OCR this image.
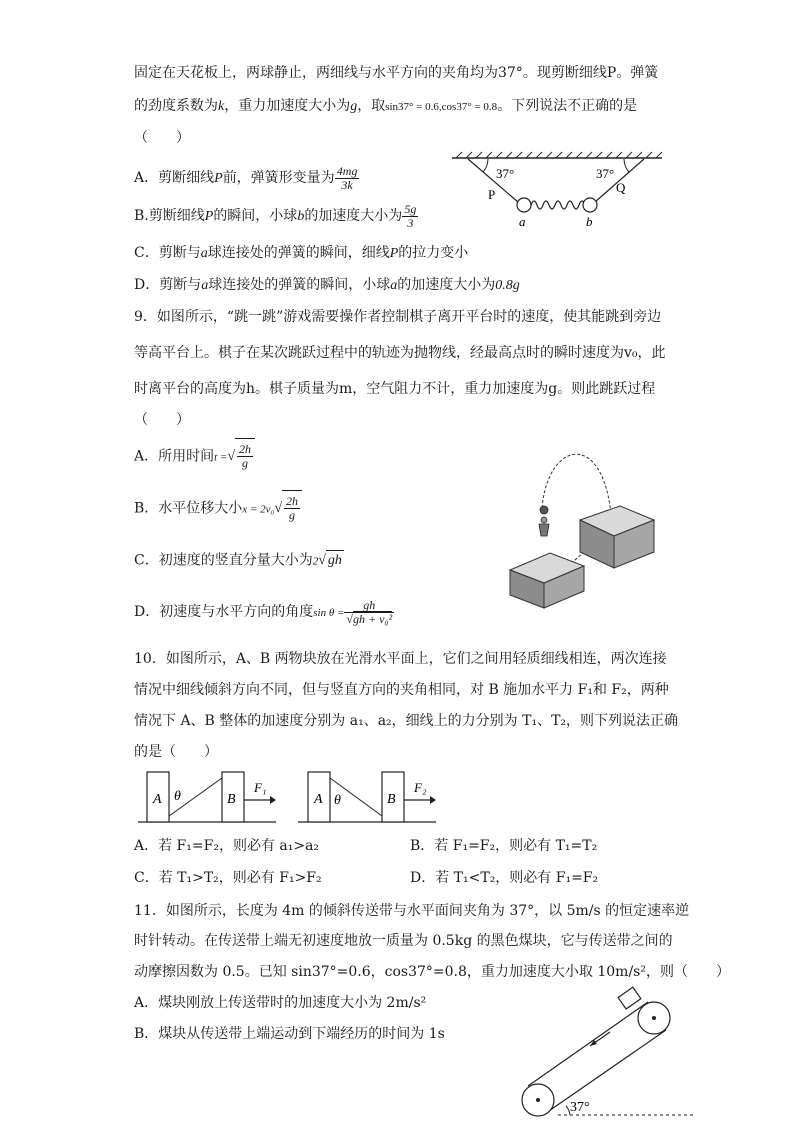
固定在天花板上，两球静止，两细线与水平方向的夹角均为37°。现剪断细线P。弹簧
的劲度系数为k，重力加速度大小为g，取sin37° = 0.6,cos37° = 0.8。下列说法不正确的是
（　　）
A．剪断细线P前，弹簧形变量为 $\frac{4mg}{3k}$
B.剪断细线P的瞬间，小球b的加速度大小为 $\frac{5g}{3}$
C．剪断与a球连接处的弹簧的瞬间，细线P的拉力变小
D．剪断与a球连接处的弹簧的瞬间，小球a的加速度大小为0.8g
37°	37°
P	Q
a	b
9．如图所示，“跳一跳”游戏需要操作者控制棋子离开平台时的速度，使其能跳到旁边
等高平台上。棋子在某次跳跃过程中的轨迹为抛物线，经最高点时的瞬时速度为v₀，此
时离平台的高度为h。棋子质量为m，空气阻力不计，重力加速度为g。则此跳跃过程
（　　）
A．所用时间t =√ $\frac{2h}{g}$
B．水平位移大小$x = 2v_0√ \frac{2h}{g}$
C．初速度的竖直分量大小为2√ gh
D．初速度与水平方向的角度$\sin \theta = \frac{gh}{\text{√gh + v₀²}}$
10．如图所示，A、B 两物块放在光滑水平面上，它们之间用轻质细线相连，两次连接
情况中细线倾斜方向不同，但与竖直方向的夹角相同，对 B 施加水平力 F₁和 F₂，两种
情况下 A、B 整体的加速度分别为 a₁、a₂，细线上的力分别为 T₁、T₂，则下列说法正确
的是（　　）
A	B
θ
F₁
A	B
θ
F₂
A．若 F₁=F₂，则必有 a₁>a₂	B．若 F₁=F₂，则必有 T₁=T₂
C．若 T₁>T₂，则必有 F₁>F₂	D．若 T₁<T₂，则必有 F₁=F₂
11．如图所示，长度为 4m 的倾斜传送带与水平面间夹角为 37°，以 5m/s 的恒定速率逆
时针转动。在传送带上端无初速度地放一质量为 0.5kg 的黑色煤块，它与传送带之间的
动摩擦因数为 0.5。已知 sin37°=0.6，cos37°=0.8，重力加速度大小取 10m/s²，则（　　）
A．煤块刚放上传送带时的加速度大小为 2m/s²
B．煤块从传送带上端运动到下端经历的时间为 1s
37°
